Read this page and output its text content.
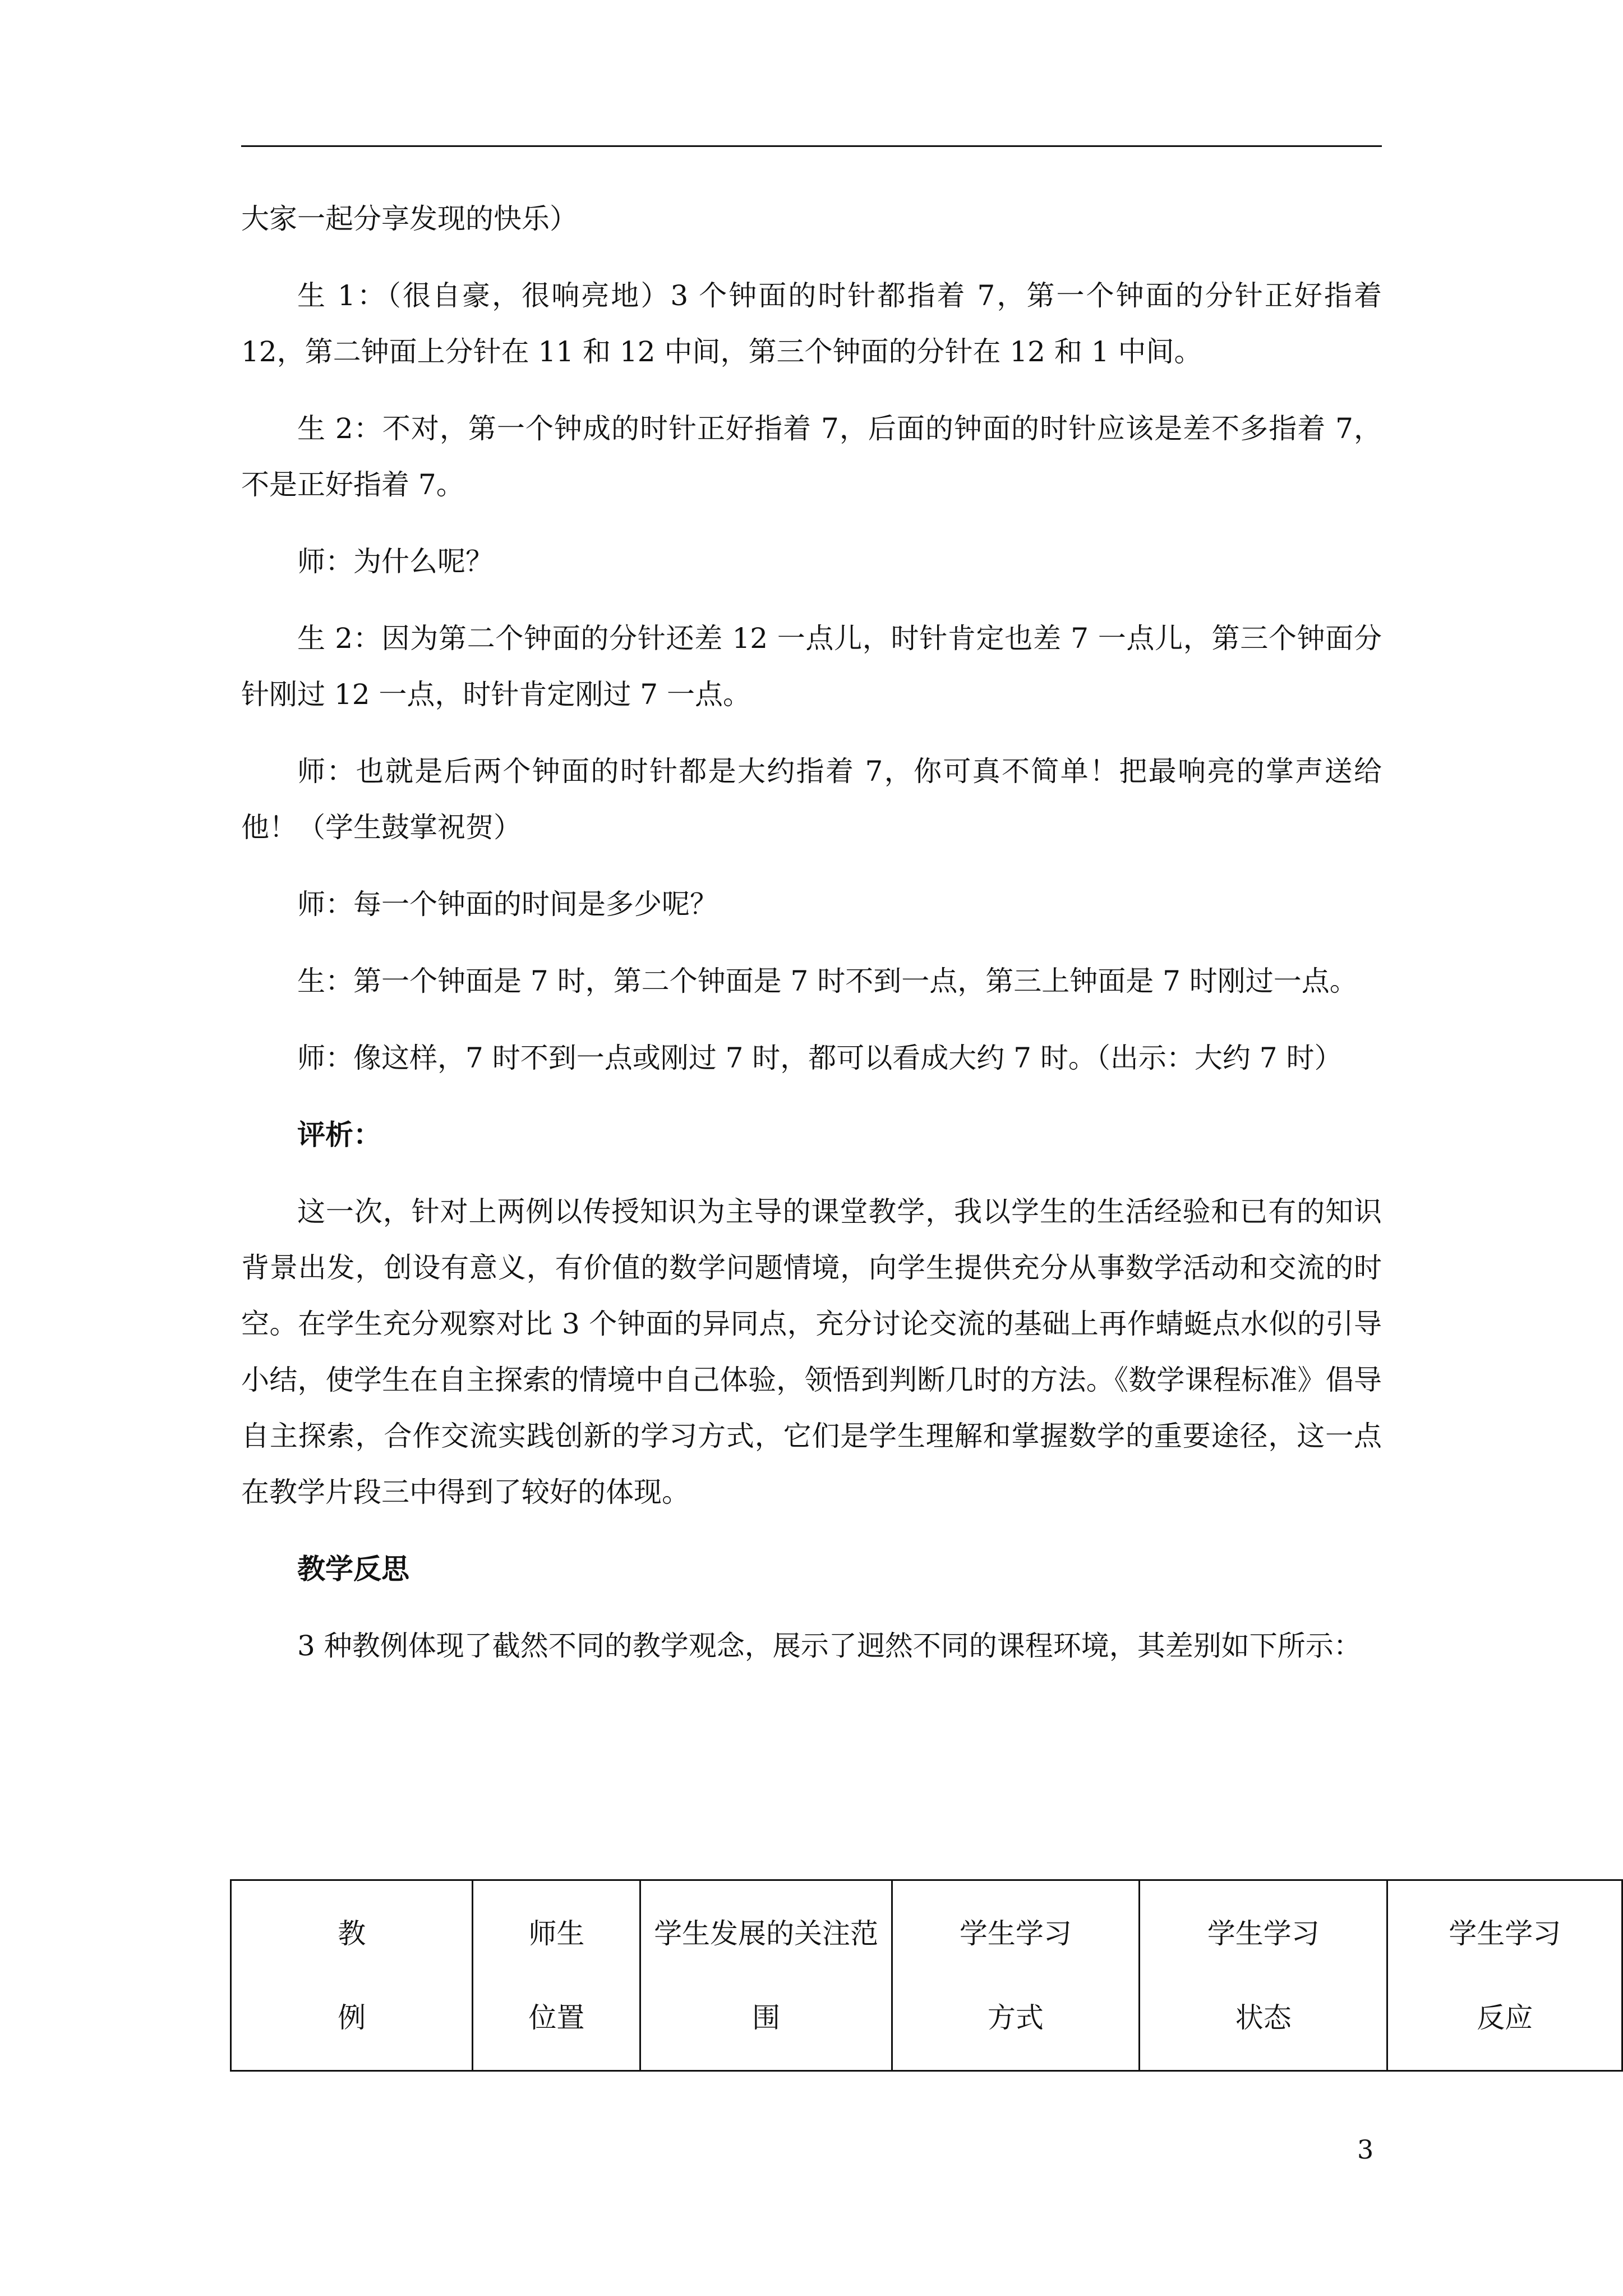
大家一起分享发现的快乐）

生 1：（很自豪，很响亮地）3 个钟面的时针都指着 7，第一个钟面的分针正好指着 12，第二钟面上分针在 11 和 12 中间，第三个钟面的分针在 12 和 1 中间。

生 2：不对，第一个钟成的时针正好指着 7，后面的钟面的时针应该是差不多指着 7，不是正好指着 7。

师：为什么呢？

生 2：因为第二个钟面的分针还差 12 一点儿，时针肯定也差 7 一点儿，第三个钟面分针刚过 12 一点，时针肯定刚过 7 一点。

师：也就是后两个钟面的时针都是大约指着 7，你可真不简单！把最响亮的掌声送给他！（学生鼓掌祝贺）

师：每一个钟面的时间是多少呢？

生：第一个钟面是 7 时，第二个钟面是 7 时不到一点，第三上钟面是 7 时刚过一点。

师：像这样，7 时不到一点或刚过 7 时，都可以看成大约 7 时。（出示：大约 7 时）

评析：

这一次，针对上两例以传授知识为主导的课堂教学，我以学生的生活经验和已有的知识背景出发，创设有意义，有价值的数学问题情境，向学生提供充分从事数学活动和交流的时空。在学生充分观察对比 3 个钟面的异同点，充分讨论交流的基础上再作蜻蜓点水似的引导小结，使学生在自主探索的情境中自己体验，领悟到判断几时的方法。《数学课程标准》倡导自主探索，合作交流实践创新的学习方式，它们是学生理解和掌握数学的重要途径，这一点在教学片段三中得到了较好的体现。

教学反思

3 种教例体现了截然不同的教学观念，展示了迥然不同的课程环境，其差别如下所示：

教
例

师生
位置

学生发展的关注范围

学生学习
方式

学生学习
状态

学生学习
反应
3
